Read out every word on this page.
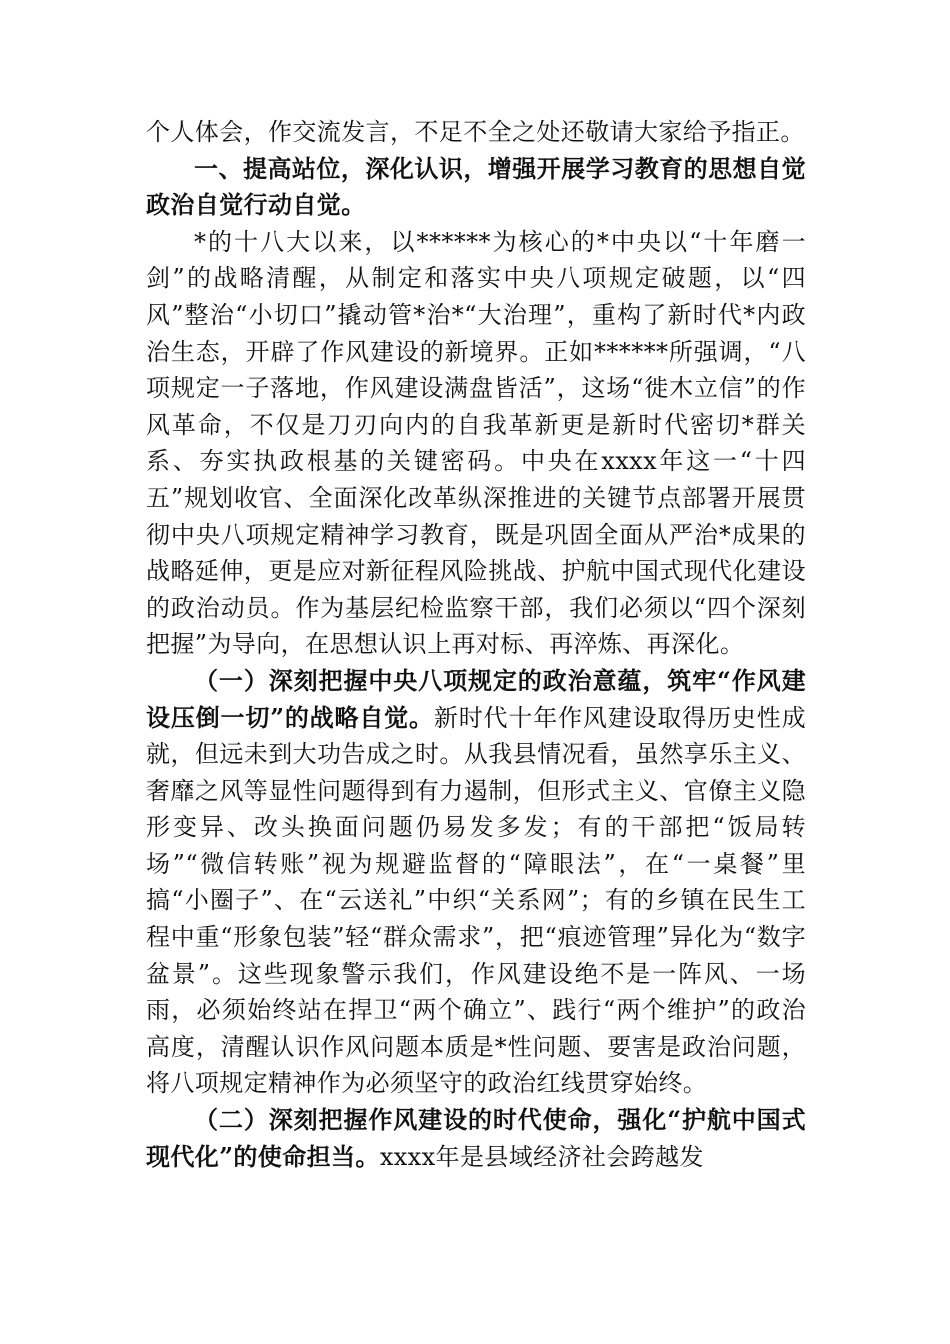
个人体会，作交流发言，不足不全之处还敬请大家给予指正。

一、提高站位，深化认识，增强开展学习教育的思想自觉政治自觉行动自觉。

*的十八大以来，以******为核心的*中央以“十年磨一剑”的战略清醒，从制定和落实中央八项规定破题，以“四风”整治“小切口”撬动管*治*“大治理”，重构了新时代*内政治生态，开辟了作风建设的新境界。正如******所强调，“八项规定一子落地，作风建设满盘皆活”，这场“徙木立信”的作风革命，不仅是刀刃向内的自我革新更是新时代密切*群关系、夯实执政根基的关键密码。中央在xxxx年这一“十四五”规划收官、全面深化改革纵深推进的关键节点部署开展贯彻中央八项规定精神学习教育，既是巩固全面从严治*成果的战略延伸，更是应对新征程风险挑战、护航中国式现代化建设的政治动员。作为基层纪检监察干部，我们必须以“四个深刻把握”为导向，在思想认识上再对标、再淬炼、再深化。

（一）深刻把握中央八项规定的政治意蕴，筑牢“作风建设压倒一切”的战略自觉。新时代十年作风建设取得历史性成就，但远未到大功告成之时。从我县情况看，虽然享乐主义、奢靡之风等显性问题得到有力遏制，但形式主义、官僚主义隐形变异、改头换面问题仍易发多发；有的干部把“饭局转场”“微信转账”视为规避监督的“障眼法”，在“一桌餐”里搞“小圈子”、在“云送礼”中织“关系网”；有的乡镇在民生工程中重“形象包装”轻“群众需求”，把“痕迹管理”异化为“数字盆景”。这些现象警示我们，作风建设绝不是一阵风、一场雨，必须始终站在捍卫“两个确立”、践行“两个维护”的政治高度，清醒认识作风问题本质是*性问题、要害是政治问题，将八项规定精神作为必须坚守的政治红线贯穿始终。

（二）深刻把握作风建设的时代使命，强化“护航中国式现代化”的使命担当。xxxx年是县域经济社会跨越发
